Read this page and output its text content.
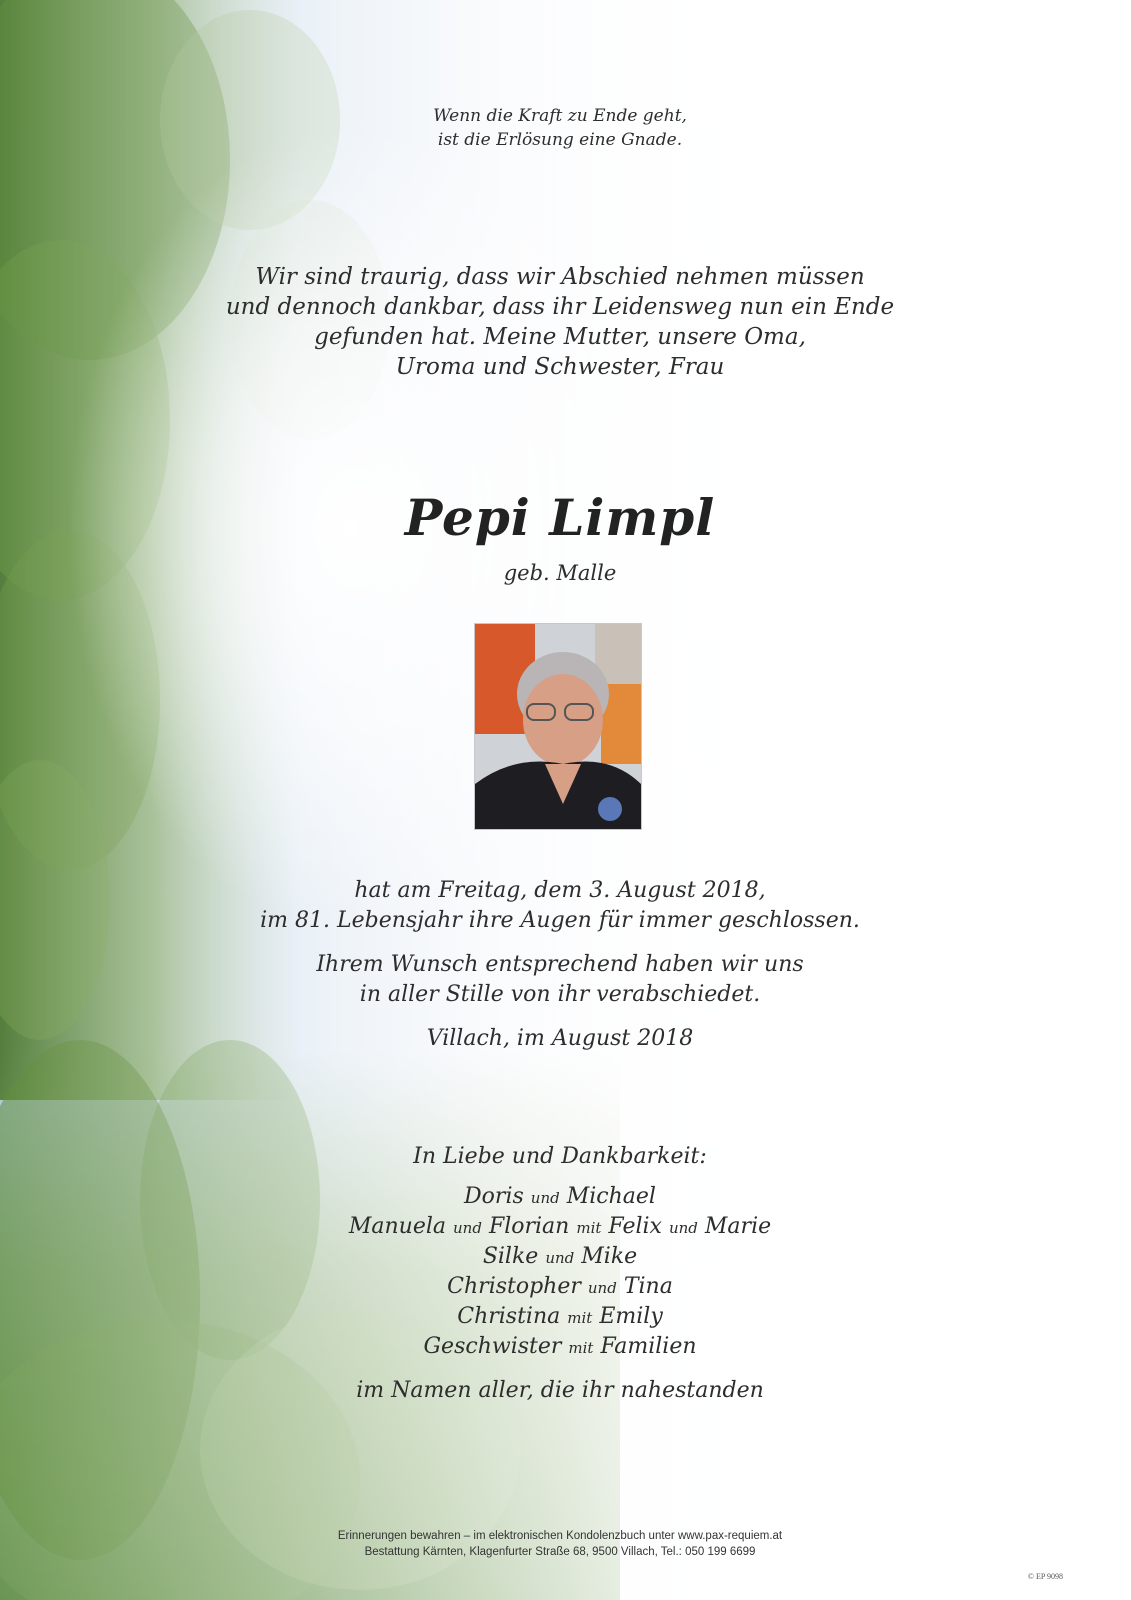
Wenn die Kraft zu Ende geht,
ist die Erlösung eine Gnade.
Wir sind traurig, dass wir Abschied nehmen müssen
und dennoch dankbar, dass ihr Leidensweg nun ein Ende
gefunden hat. Meine Mutter, unsere Oma,
Uroma und Schwester, Frau
Pepi Limpl
geb. Malle
hat am Freitag, dem 3. August 2018,
im 81. Lebensjahr ihre Augen für immer geschlossen.
Ihrem Wunsch entsprechend haben wir uns
in aller Stille von ihr verabschiedet.
Villach, im August 2018
In Liebe und Dankbarkeit:
Doris und Michael
Manuela und Florian mit Felix und Marie
Silke und Mike
Christopher und Tina
Christina mit Emily
Geschwister mit Familien
im Namen aller, die ihr nahestanden
Erinnerungen bewahren – im elektronischen Kondolenzbuch unter www.pax-requiem.at
Bestattung Kärnten, Klagenfurter Straße 68, 9500 Villach, Tel.: 050 199 6699
© EP 9098
